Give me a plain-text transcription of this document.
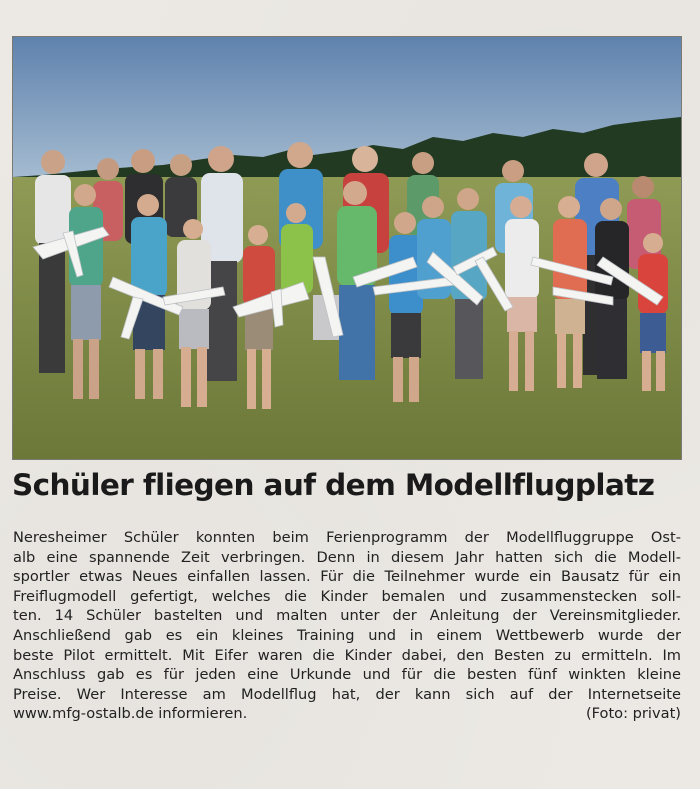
Schüler fliegen auf dem Modellflugplatz
Neresheimer Schüler konnten beim Ferienprogramm der Modellfluggruppe Ost-
alb eine spannende Zeit verbringen. Denn in diesem Jahr hatten sich die Modell-
sportler etwas Neues einfallen lassen. Für die Teilnehmer wurde ein Bausatz für ein
Freiflugmodell gefertigt, welches die Kinder bemalen und zusammenstecken soll-
ten. 14 Schüler bastelten und malten unter der Anleitung der Vereinsmitglieder.
Anschließend gab es ein kleines Training und in einem Wettbewerb wurde der
beste Pilot ermittelt. Mit Eifer waren die Kinder dabei, den Besten zu ermitteln. Im
Anschluss gab es für jeden eine Urkunde und für die besten fünf winkten kleine
Preise. Wer Interesse am Modellflug hat, der kann sich auf der Internetseite
www.mfg-ostalb.de informieren.	(Foto: privat)
